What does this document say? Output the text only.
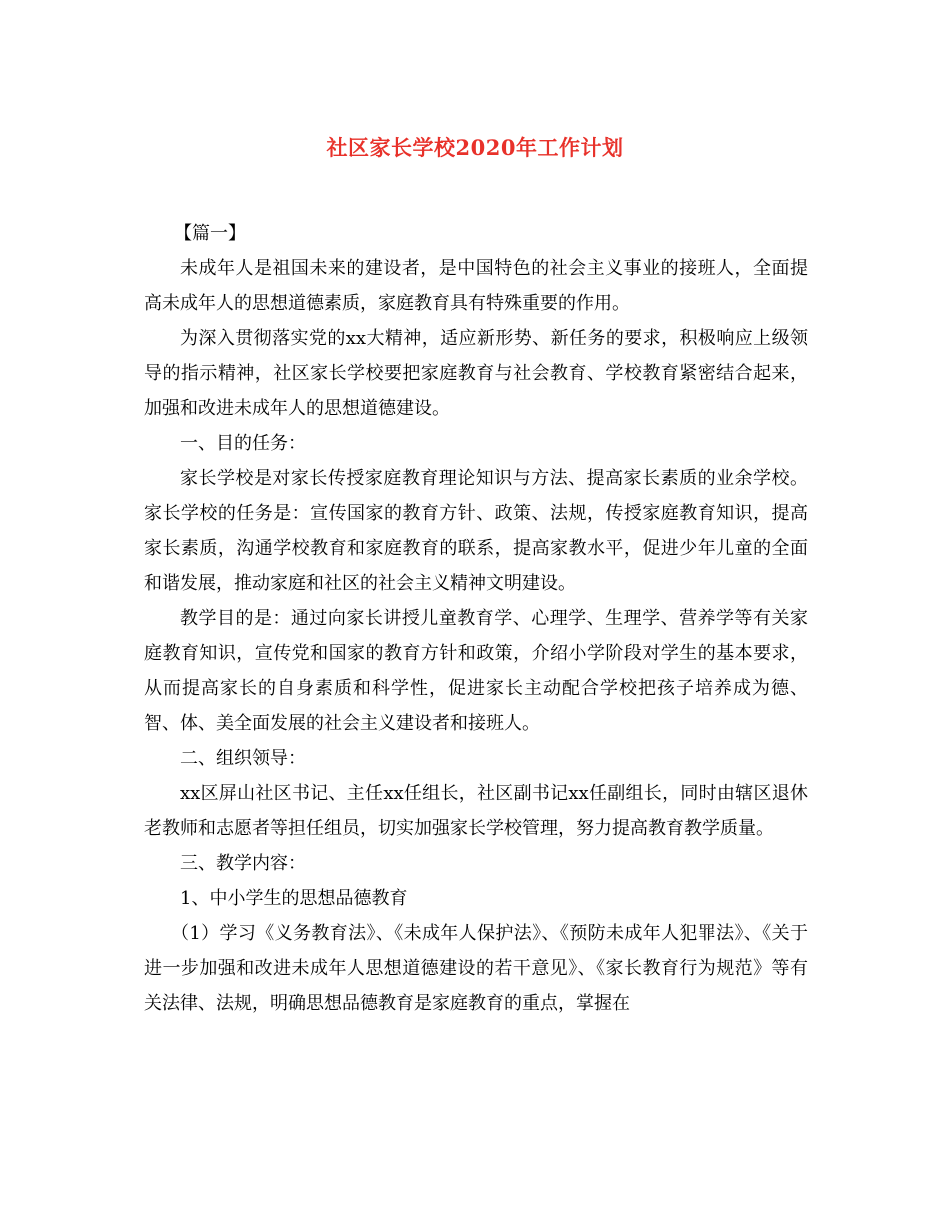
社区家长学校2020年工作计划

【篇一】

未成年人是祖国未来的建设者，是中国特色的社会主义事业的接班人，全面提高未成年人的思想道德素质，家庭教育具有特殊重要的作用。

为深入贯彻落实党的xx大精神，适应新形势、新任务的要求，积极响应上级领导的指示精神，社区家长学校要把家庭教育与社会教育、学校教育紧密结合起来，加强和改进未成年人的思想道德建设。

一、目的任务：

家长学校是对家长传授家庭教育理论知识与方法、提高家长素质的业余学校。家长学校的任务是：宣传国家的教育方针、政策、法规，传授家庭教育知识，提高家长素质，沟通学校教育和家庭教育的联系，提高家教水平，促进少年儿童的全面和谐发展，推动家庭和社区的社会主义精神文明建设。

教学目的是：通过向家长讲授儿童教育学、心理学、生理学、营养学等有关家庭教育知识，宣传党和国家的教育方针和政策，介绍小学阶段对学生的基本要求，从而提高家长的自身素质和科学性，促进家长主动配合学校把孩子培养成为德、智、体、美全面发展的社会主义建设者和接班人。

二、组织领导：

xx区屏山社区书记、主任xx任组长，社区副书记xx任副组长，同时由辖区退休老教师和志愿者等担任组员，切实加强家长学校管理，努力提高教育教学质量。

三、教学内容：

1、中小学生的思想品德教育

（1）学习《义务教育法》、《未成年人保护法》、《预防未成年人犯罪法》、《关于进一步加强和改进未成年人思想道德建设的若干意见》、《家长教育行为规范》等有关法律、法规，明确思想品德教育是家庭教育的重点，掌握在
